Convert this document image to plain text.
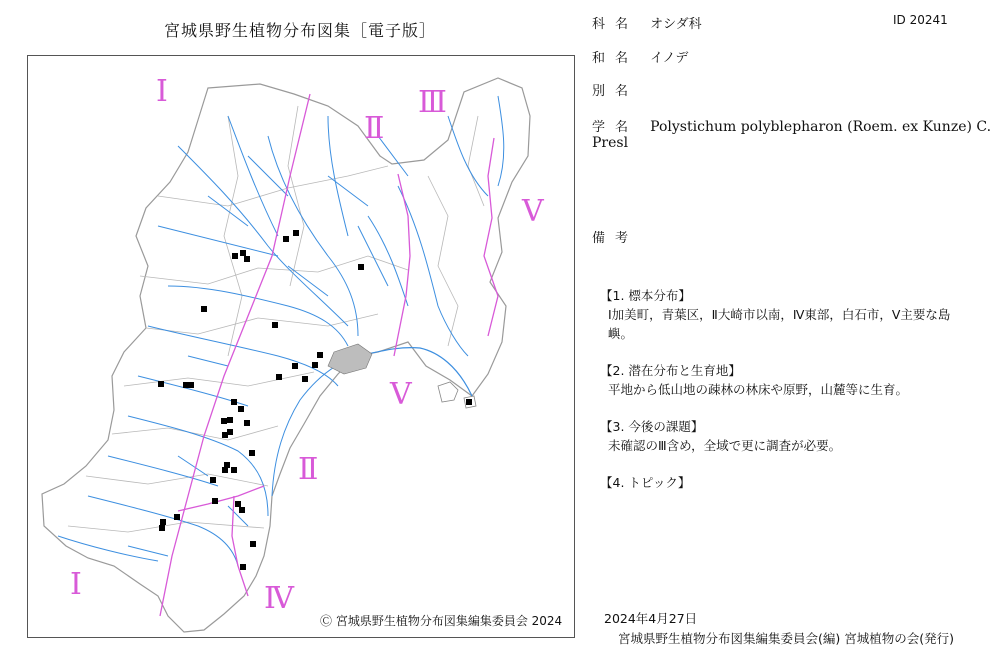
宮城県野生植物分布図集［電子版］
Ⅰ
Ⅱ
Ⅲ
Ⅴ
Ⅴ
Ⅱ
Ⅰ	Ⅳ
Ⓒ 宮城県野生植物分布図集編集委員会 2024
科名 オシダ科	ID 20241
和名 イノデ
別名
学名 Polystichum polyblepharon (Roem. ex Kunze) C. Presl
備考
【1. 標本分布】
Ⅰ加美町，青葉区，Ⅱ大崎市以南，Ⅳ東部，白石市，Ⅴ主要な島嶼。
【2. 潜在分布と生育地】
平地から低山地の疎林の林床や原野，山麓等に生育。
【3. 今後の課題】
未確認のⅢ含め，全域で更に調査が必要。
【4. トピック】
2024年4月27日
宮城県野生植物分布図集編集委員会(編) 宮城植物の会(発行)
